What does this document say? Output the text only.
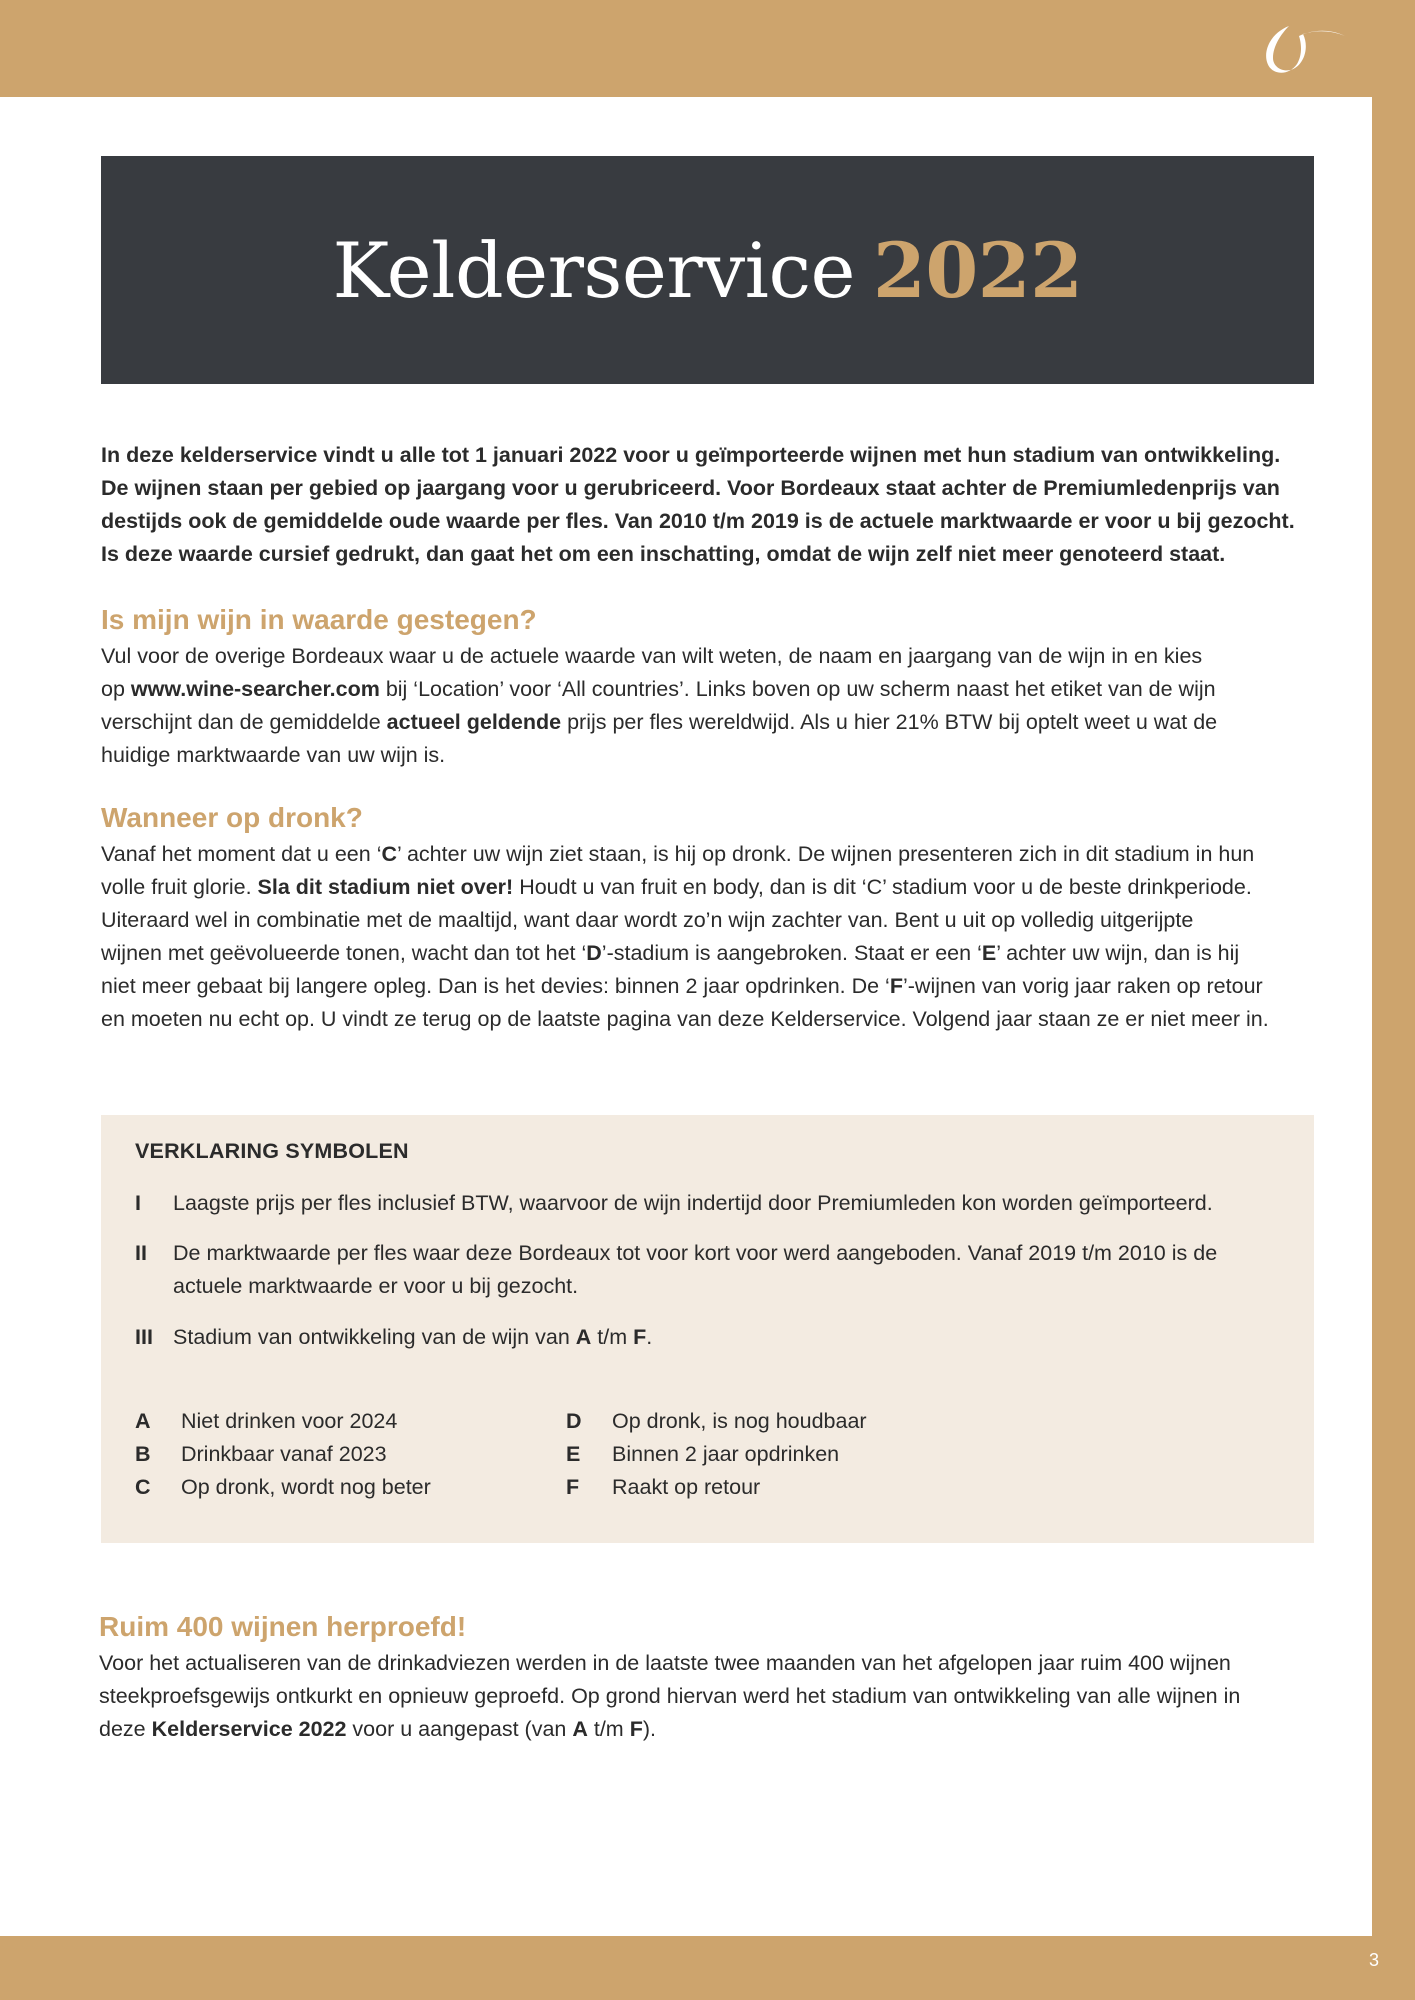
Kelderservice 2022

In deze kelderservice vindt u alle tot 1 januari 2022 voor u geïmporteerde wijnen met hun stadium van ontwikkeling.

De wijnen staan per gebied op jaargang voor u gerubriceerd. Voor Bordeaux staat achter de Premiumledenprijs van

destijds ook de gemiddelde oude waarde per fles. Van 2010 t/m 2019 is de actuele marktwaarde er voor u bij gezocht.

Is deze waarde cursief gedrukt, dan gaat het om een inschatting, omdat de wijn zelf niet meer genoteerd staat.

Is mijn wijn in waarde gestegen?

Vul voor de overige Bordeaux waar u de actuele waarde van wilt weten, de naam en jaargang van de wijn in en kies

op www.wine-searcher.com bij ‘Location’ voor ‘All countries’. Links boven op uw scherm naast het etiket van de wijn

verschijnt dan de gemiddelde actueel geldende prijs per fles wereldwijd. Als u hier 21% BTW bij optelt weet u wat de

huidige marktwaarde van uw wijn is.

Wanneer op dronk?

Vanaf het moment dat u een ‘C’ achter uw wijn ziet staan, is hij op dronk. De wijnen presenteren zich in dit stadium in hun

volle fruit glorie. Sla dit stadium niet over! Houdt u van fruit en body, dan is dit ‘C’ stadium voor u de beste drinkperiode.

Uiteraard wel in combinatie met de maaltijd, want daar wordt zo’n wijn zachter van. Bent u uit op volledig uitgerijpte

wijnen met geëvolueerde tonen, wacht dan tot het ‘D’-stadium is aangebroken. Staat er een ‘E’ achter uw wijn, dan is hij

niet meer gebaat bij langere opleg. Dan is het devies: binnen 2 jaar opdrinken. De ‘F’-wijnen van vorig jaar raken op retour

en moeten nu echt op. U vindt ze terug op de laatste pagina van deze Kelderservice. Volgend jaar staan ze er niet meer in.

VERKLARING SYMBOLEN
I Laagste prijs per fles inclusief BTW, waarvoor de wijn indertijd door Premiumleden kon worden geïmporteerd.
II De marktwaarde per fles waar deze Bordeaux tot voor kort voor werd aangeboden. Vanaf 2019 t/m 2010 is de
actuele marktwaarde er voor u bij gezocht.
III Stadium van ontwikkeling van de wijn van A t/m F.
A Niet drinken voor 2024
B Drinkbaar vanaf 2023
C Op dronk, wordt nog beter
D Op dronk, is nog houdbaar
E Binnen 2 jaar opdrinken
F Raakt op retour
Ruim 400 wijnen herproefd!

Voor het actualiseren van de drinkadviezen werden in de laatste twee maanden van het afgelopen jaar ruim 400 wijnen

steekproefsgewijs ontkurkt en opnieuw geproefd. Op grond hiervan werd het stadium van ontwikkeling van alle wijnen in

deze Kelderservice 2022 voor u aangepast (van A t/m F).

3
